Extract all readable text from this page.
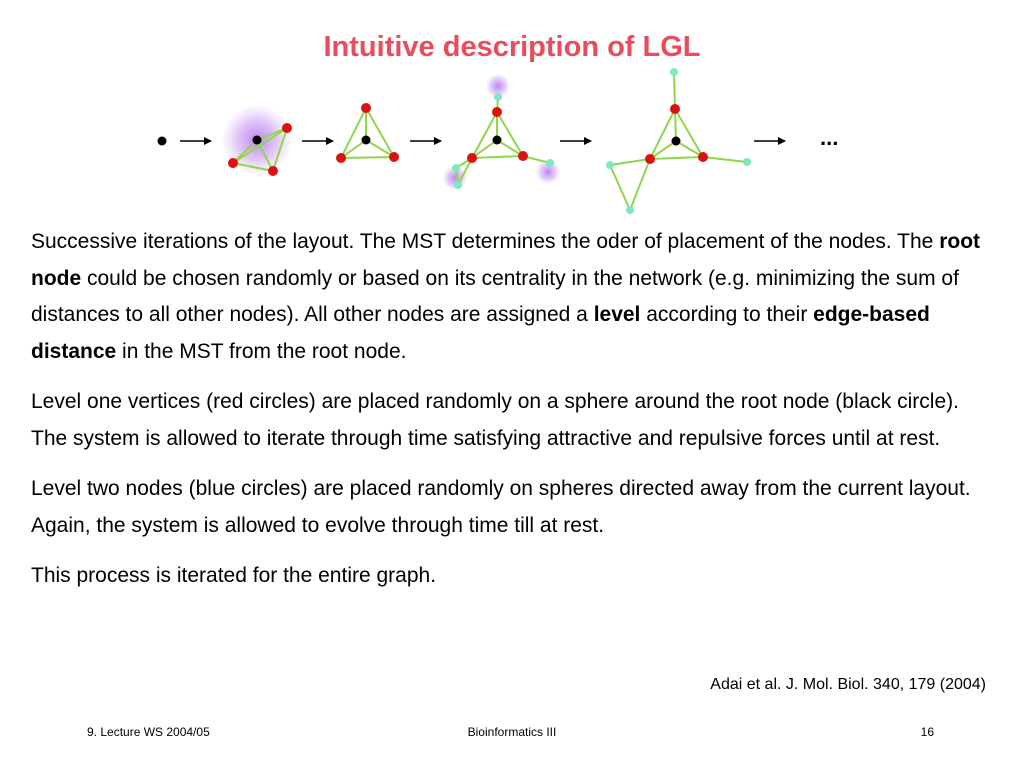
Intuitive description of LGL
...

Successive iterations of the layout. The MST determines the oder of placement of the nodes. The root node could be chosen randomly or based on its centrality in the network (e.g. minimizing the sum of distances to all other nodes). All other nodes are assigned a level according to their edge-based distance in the MST from the root node.

Level one vertices (red circles) are placed randomly on a sphere around the root node (black circle). The system is allowed to iterate through time satisfying attractive and repulsive forces until at rest.

Level two nodes (blue circles) are placed randomly on spheres directed away from the current layout. Again, the system is allowed to evolve through time till at rest.

This process is iterated for the entire graph.

Adai et al. J. Mol. Biol. 340, 179 (2004)

9. Lecture WS 2004/05	Bioinformatics III	16
